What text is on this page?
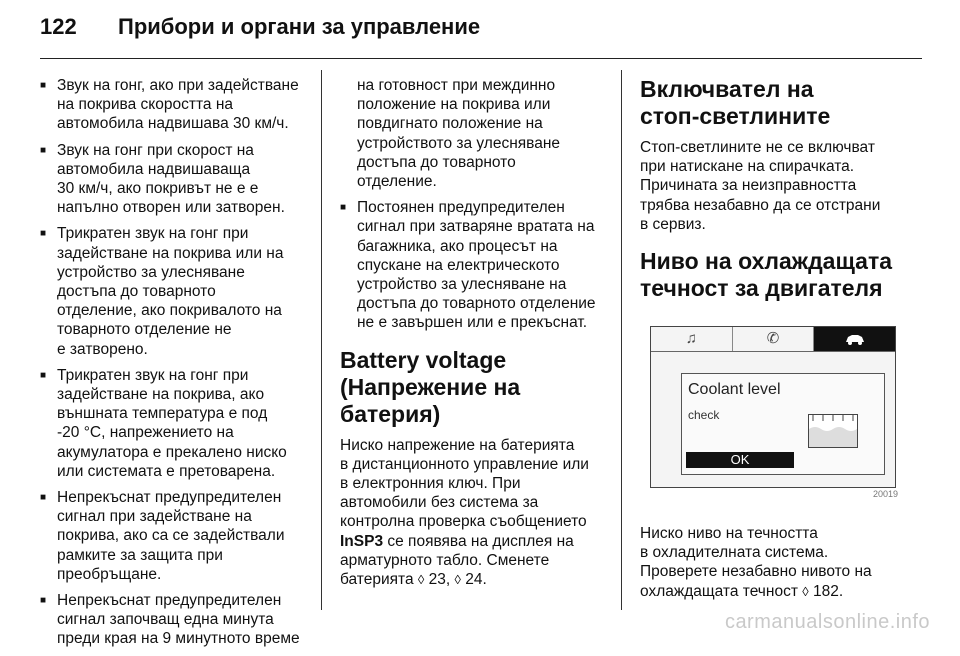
122	Прибори и органи за управление
■ Звук на гонг, ако при задействане
на покрива скоростта на
автомобила надвишава 30 км/ч.
■ Звук на гонг при скорост на
автомобила надвишаваща
30 км/ч, ако покривът не е е
напълно отворен или затворен.
■ Трикратен звук на гонг при
задействане на покрива или на
устройство за улесняване
достъпа до товарното
отделение, ако покривалото на
товарното отделение не
е затворено.
■ Трикратен звук на гонг при
задействане на покрива, ако
външната температура е под
-20 °C, напрежението на
акумулатора е прекалено ниско
или системата е претоварена.
■ Непрекъснат предупредителен
сигнал при задействане на
покрива, ако са се задействали
рамките за защита при
преобръщане.
■ Непрекъснат предупредителен
сигнал започващ една минута
преди края на 9 минутното време
на готовност при междинно
положение на покрива или
повдигнато положение на
устройството за улесняване
достъпа до товарното
отделение.
■ Постоянен предупредителен
сигнал при затваряне вратата на
багажника, ако процесът на
спускане на електрическото
устройство за улесняване на
достъпа до товарното отделение
не е завършен или е прекъснат.
Battery voltage
(Напрежение на
батерия)
Ниско напрежение на батерията
в дистанционното управление или
в електронния ключ. При
автомобили без система за
контролна проверка съобщението
InSP3 се появява на дисплея на
арматурното табло. Сменете
батерията ◊ 23, ◊ 24.
Включвател на
стоп-светлините
Стоп-светлините не се включват
при натискане на спирачката.
Причината за неизправността
трябва незабавно да се отстрани
в сервиз.
Ниво на охлаждащата
течност за двигателя
♫	✆
Coolant level
check
OK
20019
Ниско ниво на течността
в охладителната система.
Проверете незабавно нивото на
охлаждащата течност ◊ 182.
carmanualsonline.info
